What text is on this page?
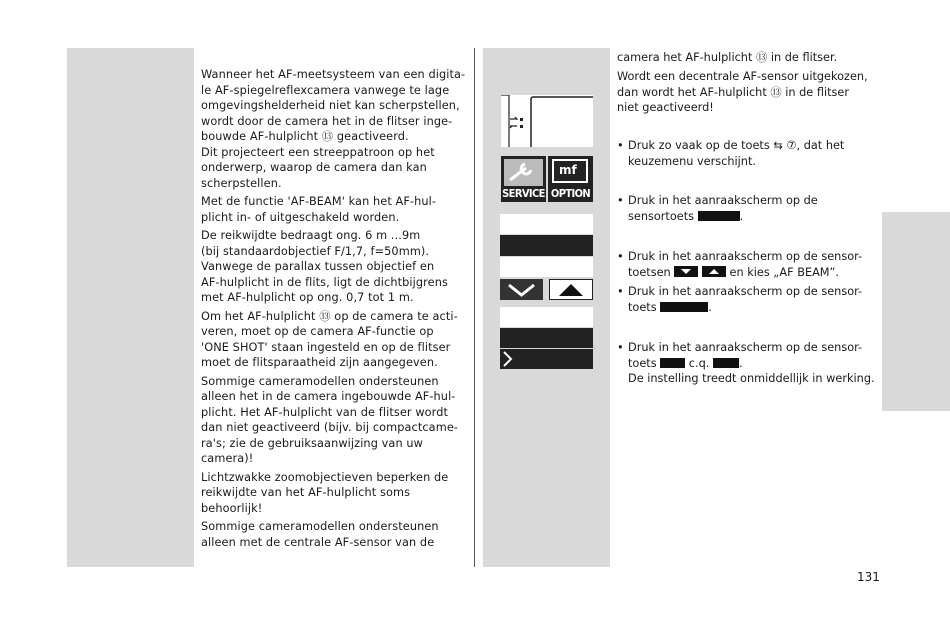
Wanneer het AF-meetsysteem van een digita-
le AF-spiegelreflexcamera vanwege te lage
omgevingshelderheid niet kan scherpstellen,
wordt door de camera het in de flitser inge-
bouwde AF-hulplicht ⑬ geactiveerd.
Dit projecteert een streeppatroon op het
onderwerp, waarop de camera dan kan
scherpstellen.

Met de functie 'AF-BEAM' kan het AF-hul-
plicht in- of uitgeschakeld worden.

De reikwijdte bedraagt ong. 6 m ...9m
(bij standaardobjectief F/1,7, f=50mm).
Vanwege de parallax tussen objectief en
AF-hulplicht in de flits, ligt de dichtbijgrens
met AF-hulplicht op ong. 0,7 tot 1 m.

Om het AF-hulplicht ⑬ op de camera te acti-
veren, moet op de camera AF-functie op
'ONE SHOT' staan ingesteld en op de flitser
moet de flitsparaatheid zijn aangegeven.

Sommige cameramodellen ondersteunen
alleen het in de camera ingebouwde AF-hul-
plicht. Het AF-hulplicht van de flitser wordt
dan niet geactiveerd (bijv. bij compactcame-
ra's; zie de gebruiksaanwijzing van uw
camera)!

Lichtzwakke zoomobjectieven beperken de
reikwijdte van het AF-hulplicht soms
behoorlijk!

Sommige cameramodellen ondersteunen
alleen met de centrale AF-sensor van de

SERVICE
mf
OPTION
camera het AF-hulplicht ⑬ in de flitser.
Wordt een decentrale AF-sensor uitgekozen,
dan wordt het AF-hulplicht ⑬ in de flitser
niet geactiveerd!
• Druk zo vaak op de toets ⇆ ⑦, dat het
keuzemenu verschijnt.
• Druk in het aanraakscherm op de
sensortoets	.
• Druk in het aanraakscherm op de sensor-
toetsen	en kies „AF BEAM”.
• Druk in het aanraakscherm op de sensor-
toets	.
• Druk in het aanraakscherm op de sensor-
toets	c.q.	.
De instelling treedt onmiddellijk in werking.
131
